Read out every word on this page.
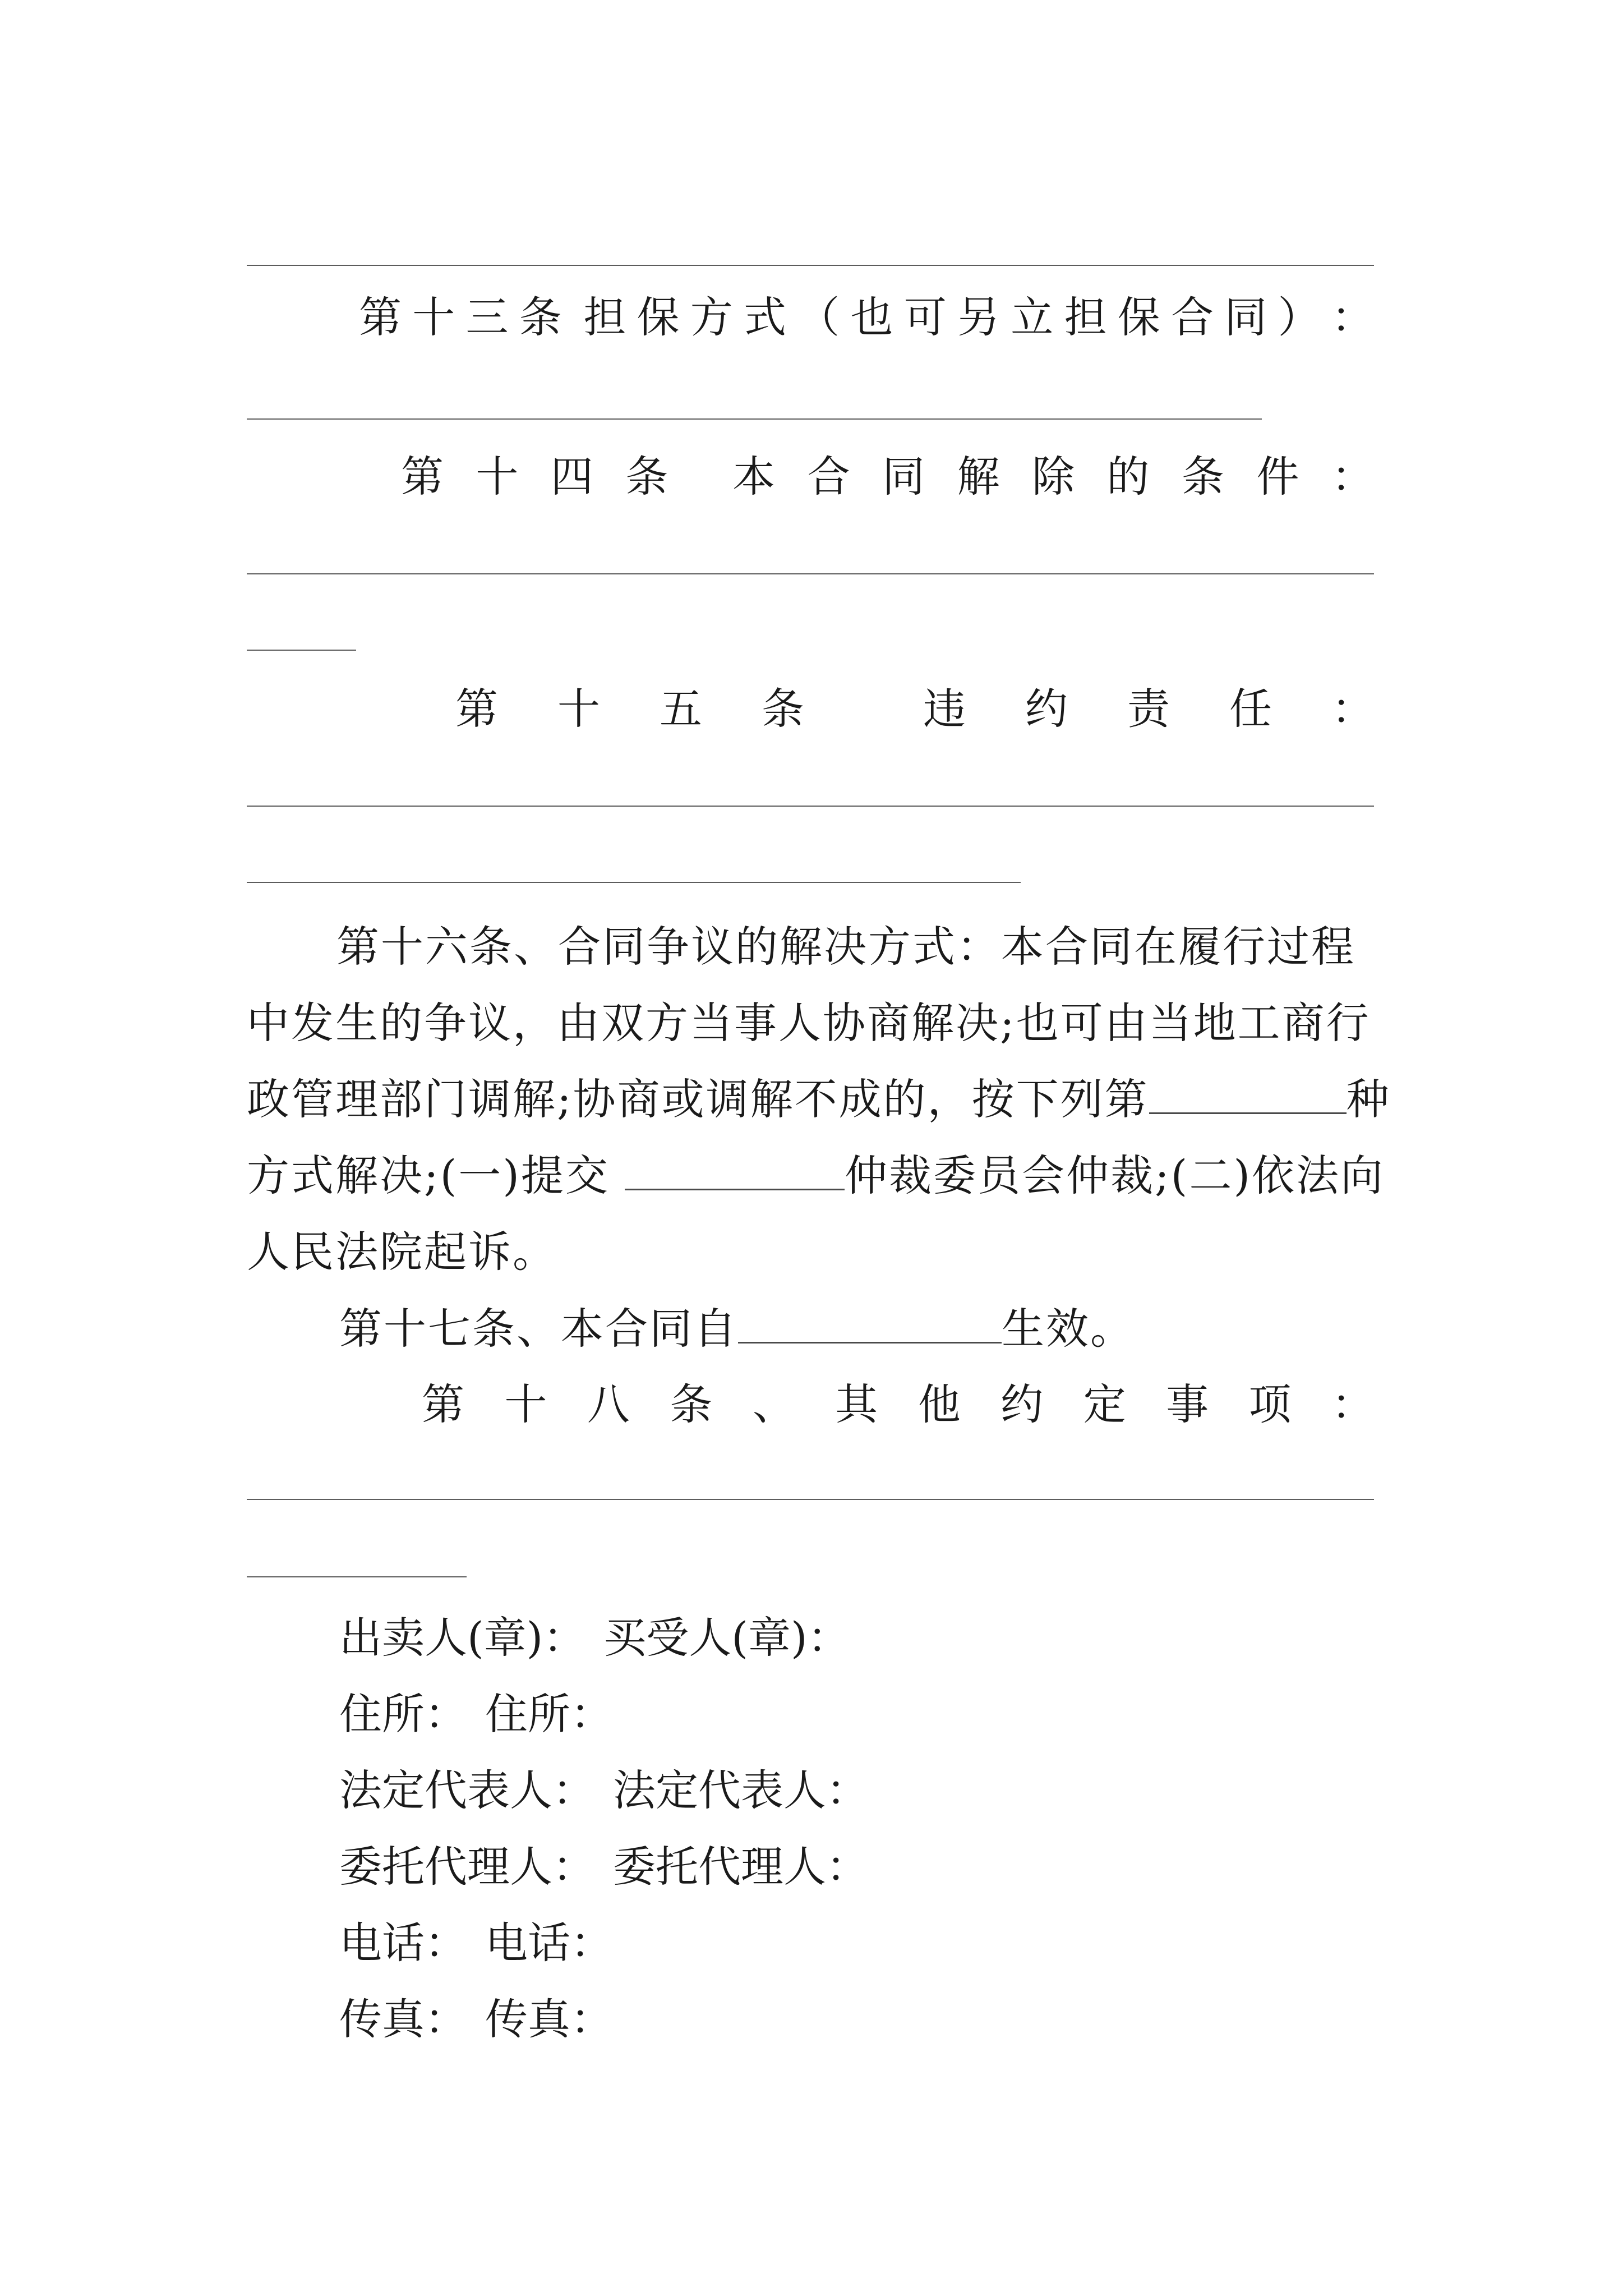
第 十 三 条 担 保 方 式 （ 也 可 另 立 担 保 合 同 ） ：
第 十 四 条 本 合 同 解 除 的 条 件 ：
第 十 五 条	违 约 责 任 ：
第十六条、合同争议的解决方式：本合同在履行过程中发生的争议，由双方当事人协商解决;也可由当地工商行政管理部门调解;协商或调解不成的，按下列第	种方式解决;(一)提交	仲裁委员会仲裁;(二)依法向人民法院起诉。
第十七条、本合同自	生效。
第 十 八 条 、 其 他 约 定 事 项 ：
出卖人(章)： 买受人(章)：
住所： 住所：
法定代表人： 法定代表人：
委托代理人： 委托代理人：
电话： 电话：
传真： 传真：
